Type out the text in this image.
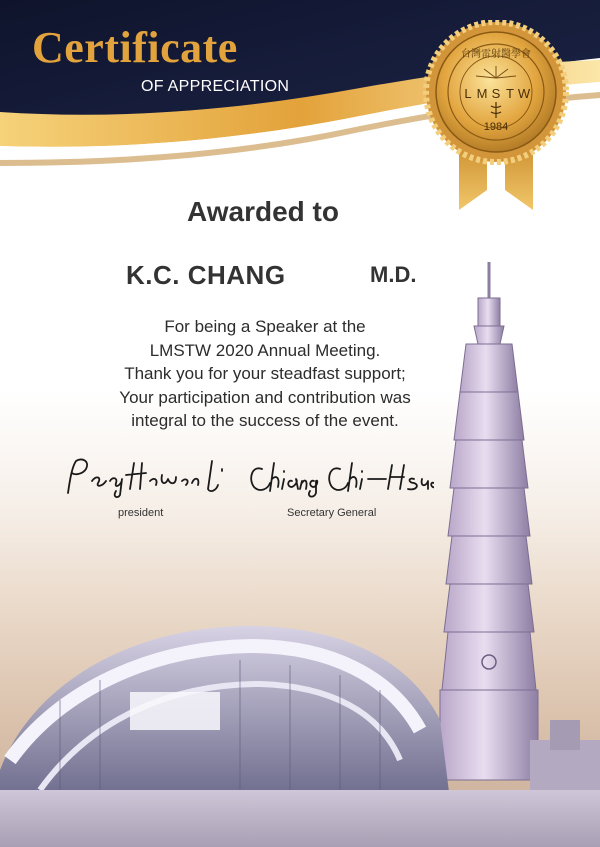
Certificate
OF APPRECIATION
台灣雷射醫學會
L M S T W
1984
Awarded to
K.C. CHANG	M.D.

For being a Speaker at the
LMSTW 2020 Annual Meeting.
Thank you for your steadfast support;
Your participation and contribution was
integral to the success of the event.

president	Secretary General
